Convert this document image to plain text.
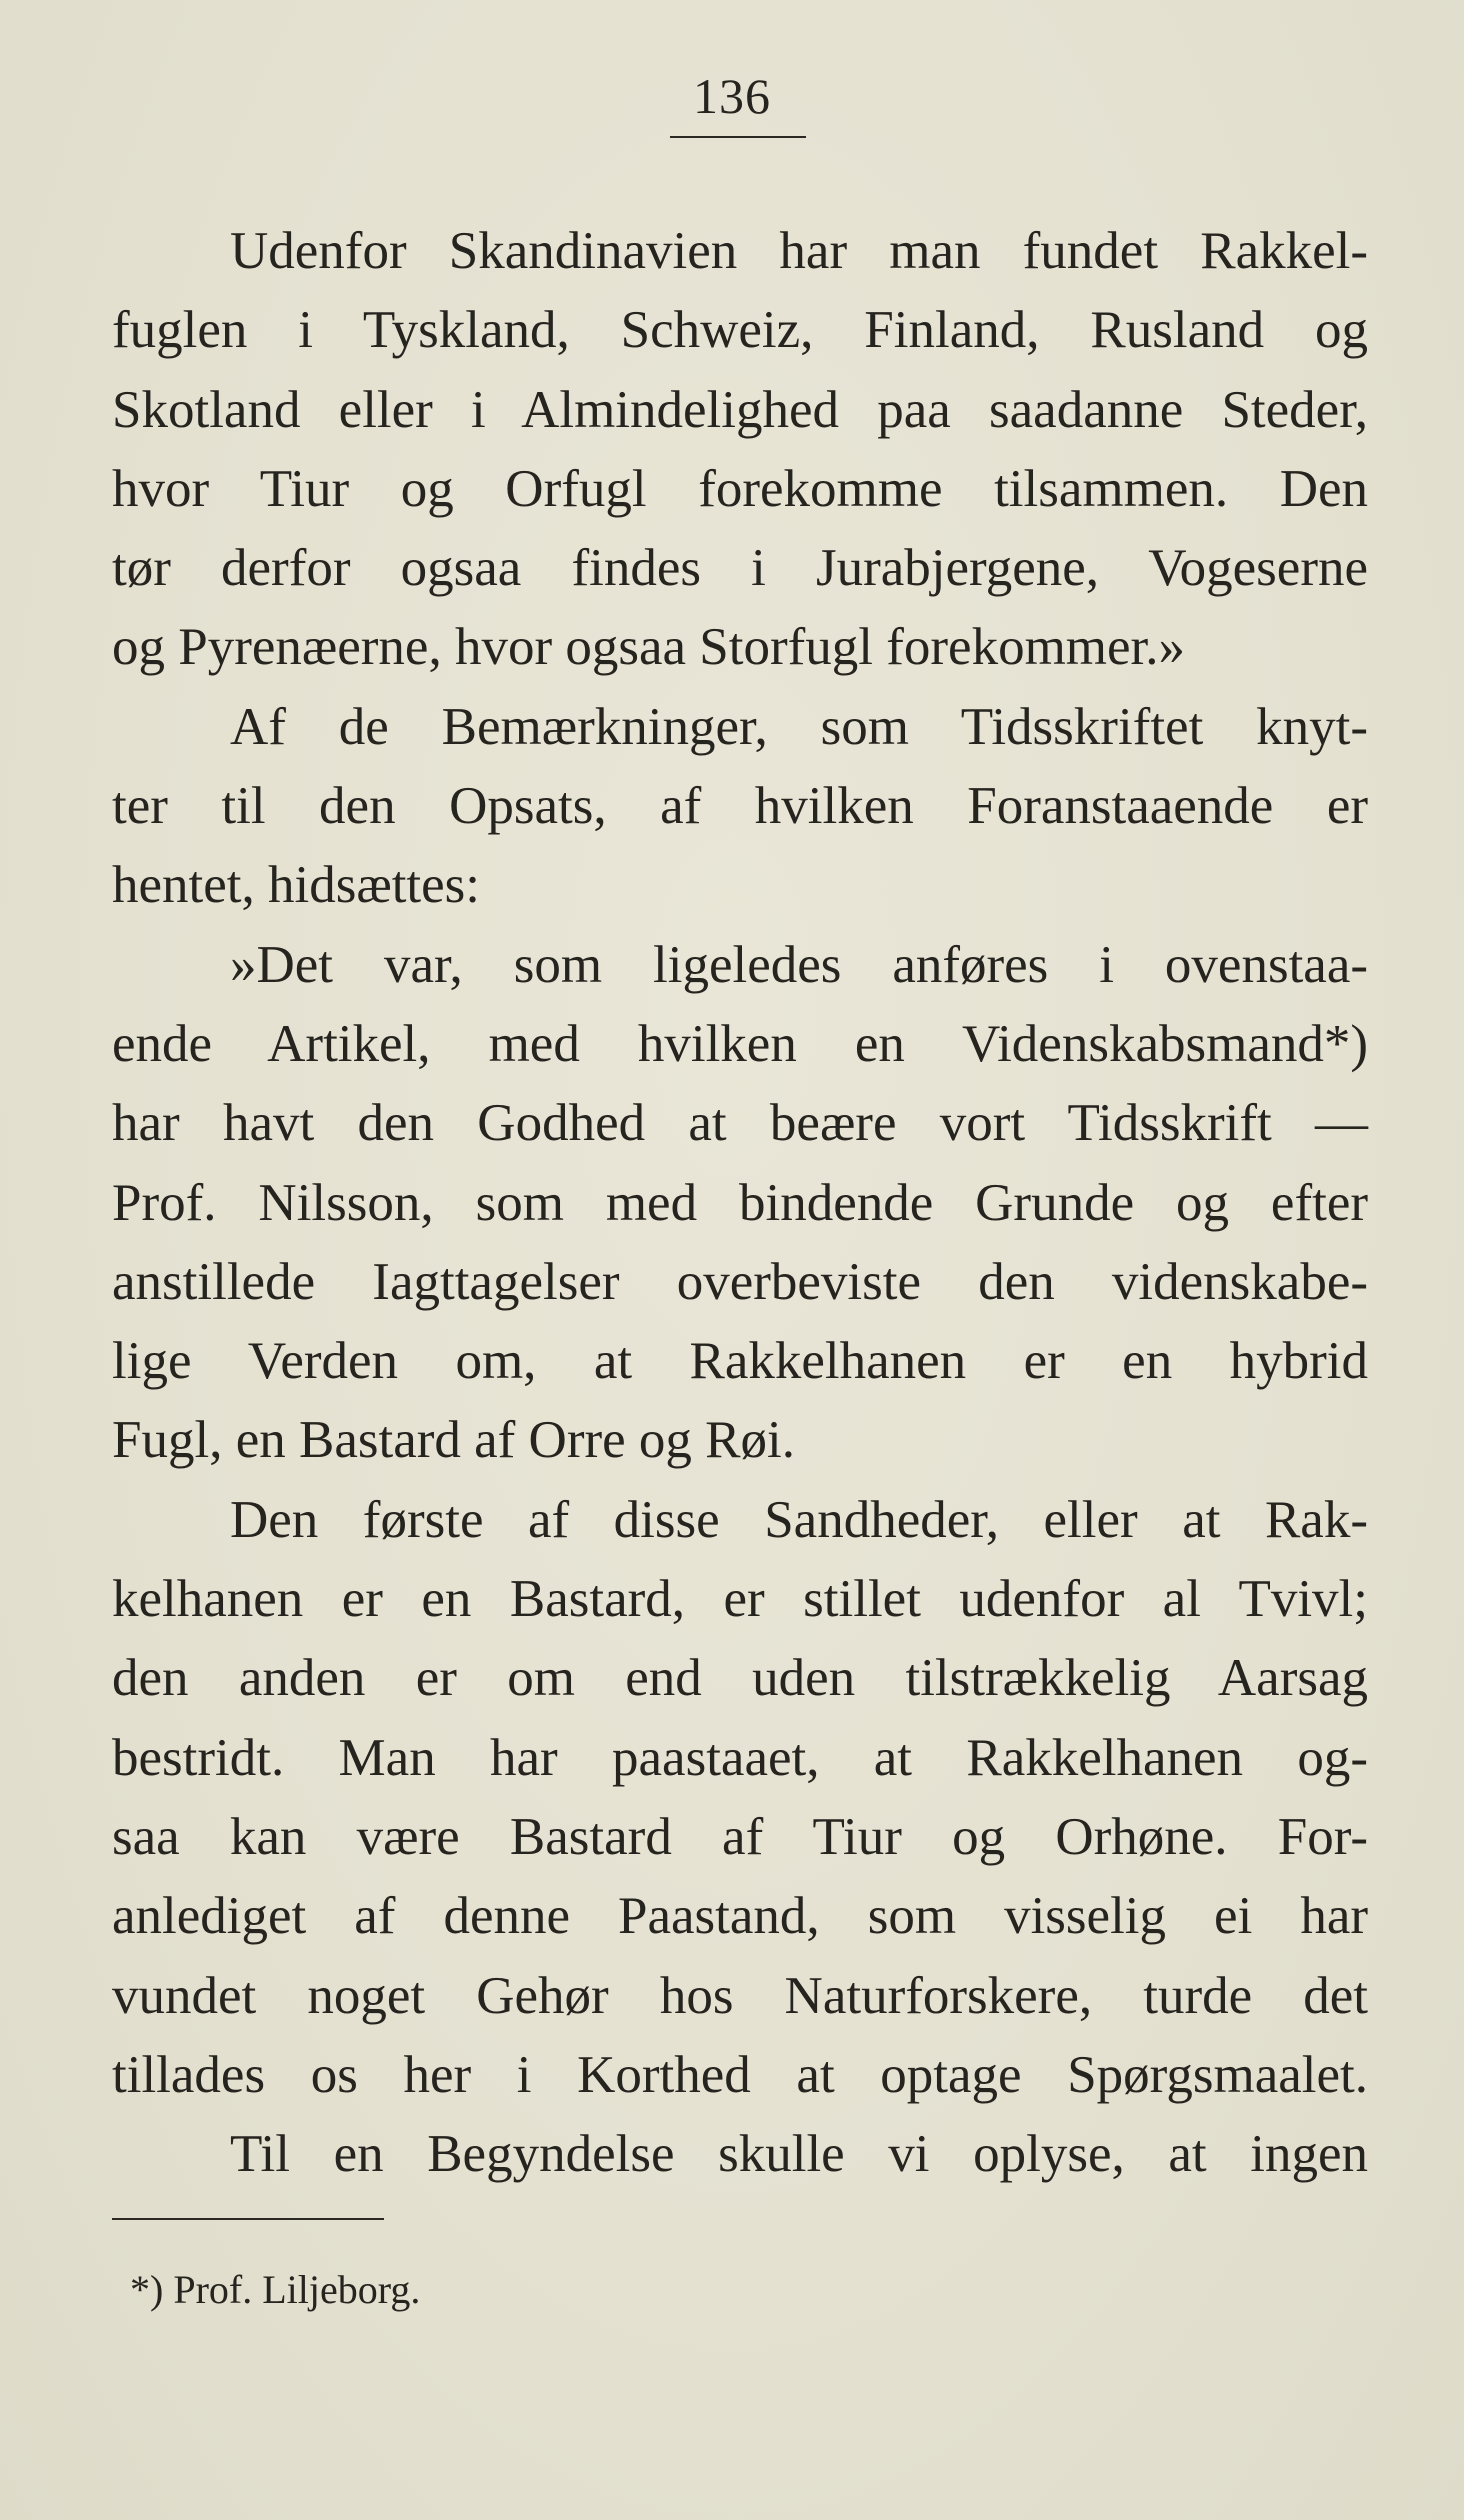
136
Udenfor Skandinavien har man fundet Rakkel-
fuglen i Tyskland, Schweiz, Finland, Rusland og
Skotland eller i Almindelighed paa saadanne Steder,
hvor Tiur og Orfugl forekomme tilsammen. Den
tør derfor ogsaa findes i Jurabjergene, Vogeserne
og Pyrenæerne, hvor ogsaa Storfugl forekommer.»
Af de Bemærkninger, som Tidsskriftet knyt-
ter til den Opsats, af hvilken Foranstaaende er
hentet, hidsættes:
»Det var, som ligeledes anføres i ovenstaa-
ende Artikel, med hvilken en Videnskabsmand*)
har havt den Godhed at beære vort Tidsskrift —
Prof. Nilsson, som med bindende Grunde og efter
anstillede Iagttagelser overbeviste den videnskabe-
lige Verden om, at Rakkelhanen er en hybrid
Fugl, en Bastard af Orre og Røi.
Den første af disse Sandheder, eller at Rak-
kelhanen er en Bastard, er stillet udenfor al Tvivl;
den anden er om end uden tilstrækkelig Aarsag
bestridt. Man har paastaaet, at Rakkelhanen og-
saa kan være Bastard af Tiur og Orhøne. For-
anlediget af denne Paastand, som visselig ei har
vundet noget Gehør hos Naturforskere, turde det
tillades os her i Korthed at optage Spørgsmaalet.
Til en Begyndelse skulle vi oplyse, at ingen
*) Prof. Liljeborg.
